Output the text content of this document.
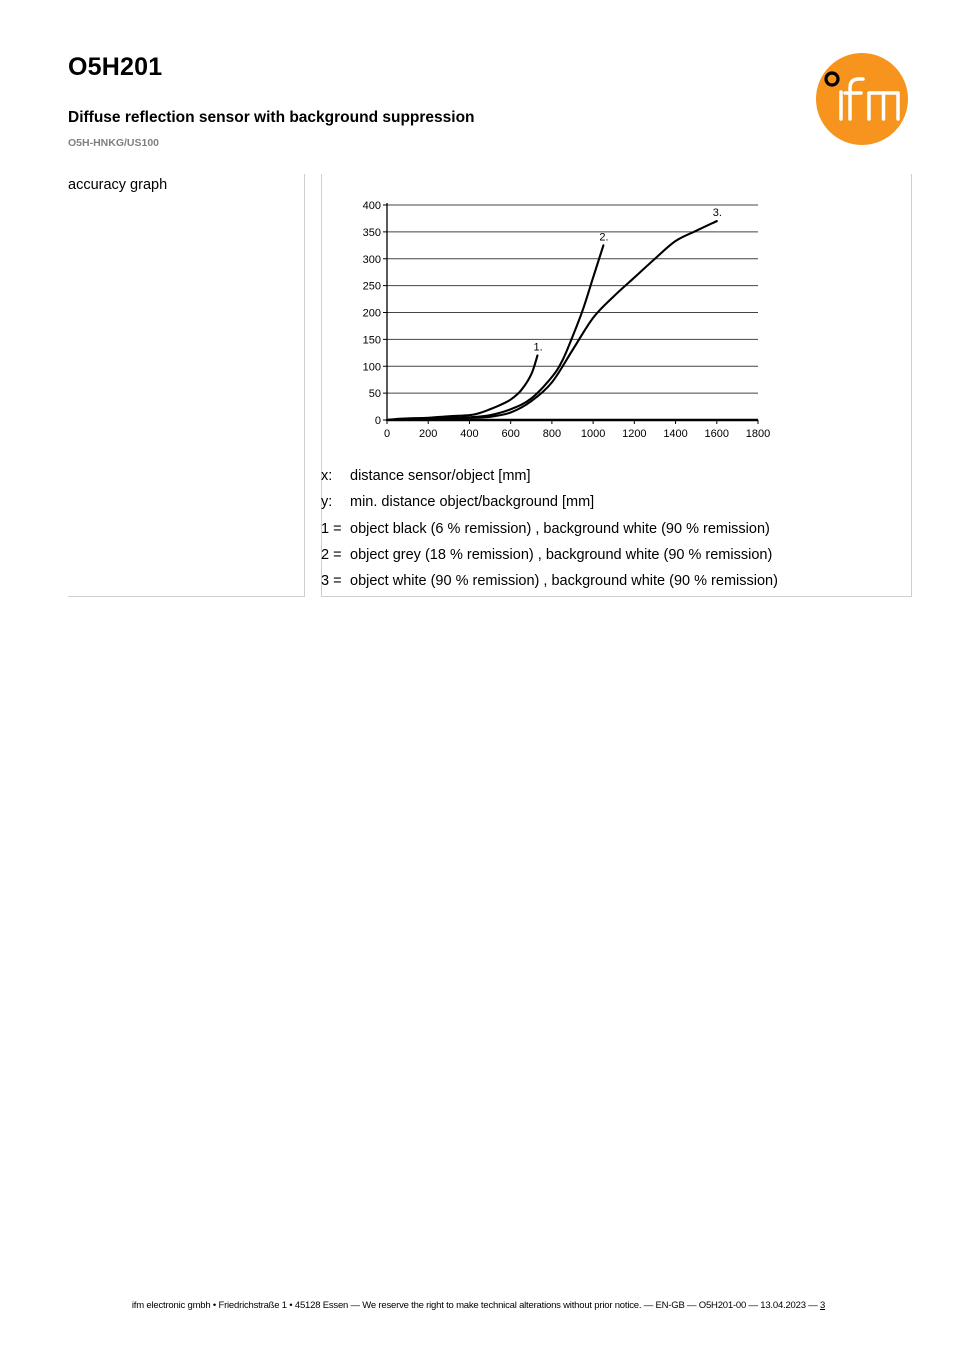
O5H201
Diffuse reflection sensor with background suppression
O5H-HNKG/US100
accuracy graph
0
50
100
150
200
250
300
350
400
0	200 400 600 800 1000 1200 1400 1600 1800
1.
2.
3.
x: distance sensor/object [mm]
y: min. distance object/background [mm]
1 = object black (6 % remission) , background white (90 % remission)
2 = object grey (18 % remission) , background white (90 % remission)
3 = object white (90 % remission) , background white (90 % remission)
ifm electronic gmbh • Friedrichstraße 1 • 45128 Essen — We reserve the right to make technical alterations without prior notice. — EN-GB — O5H201-00 — 13.04.2023 — 3
